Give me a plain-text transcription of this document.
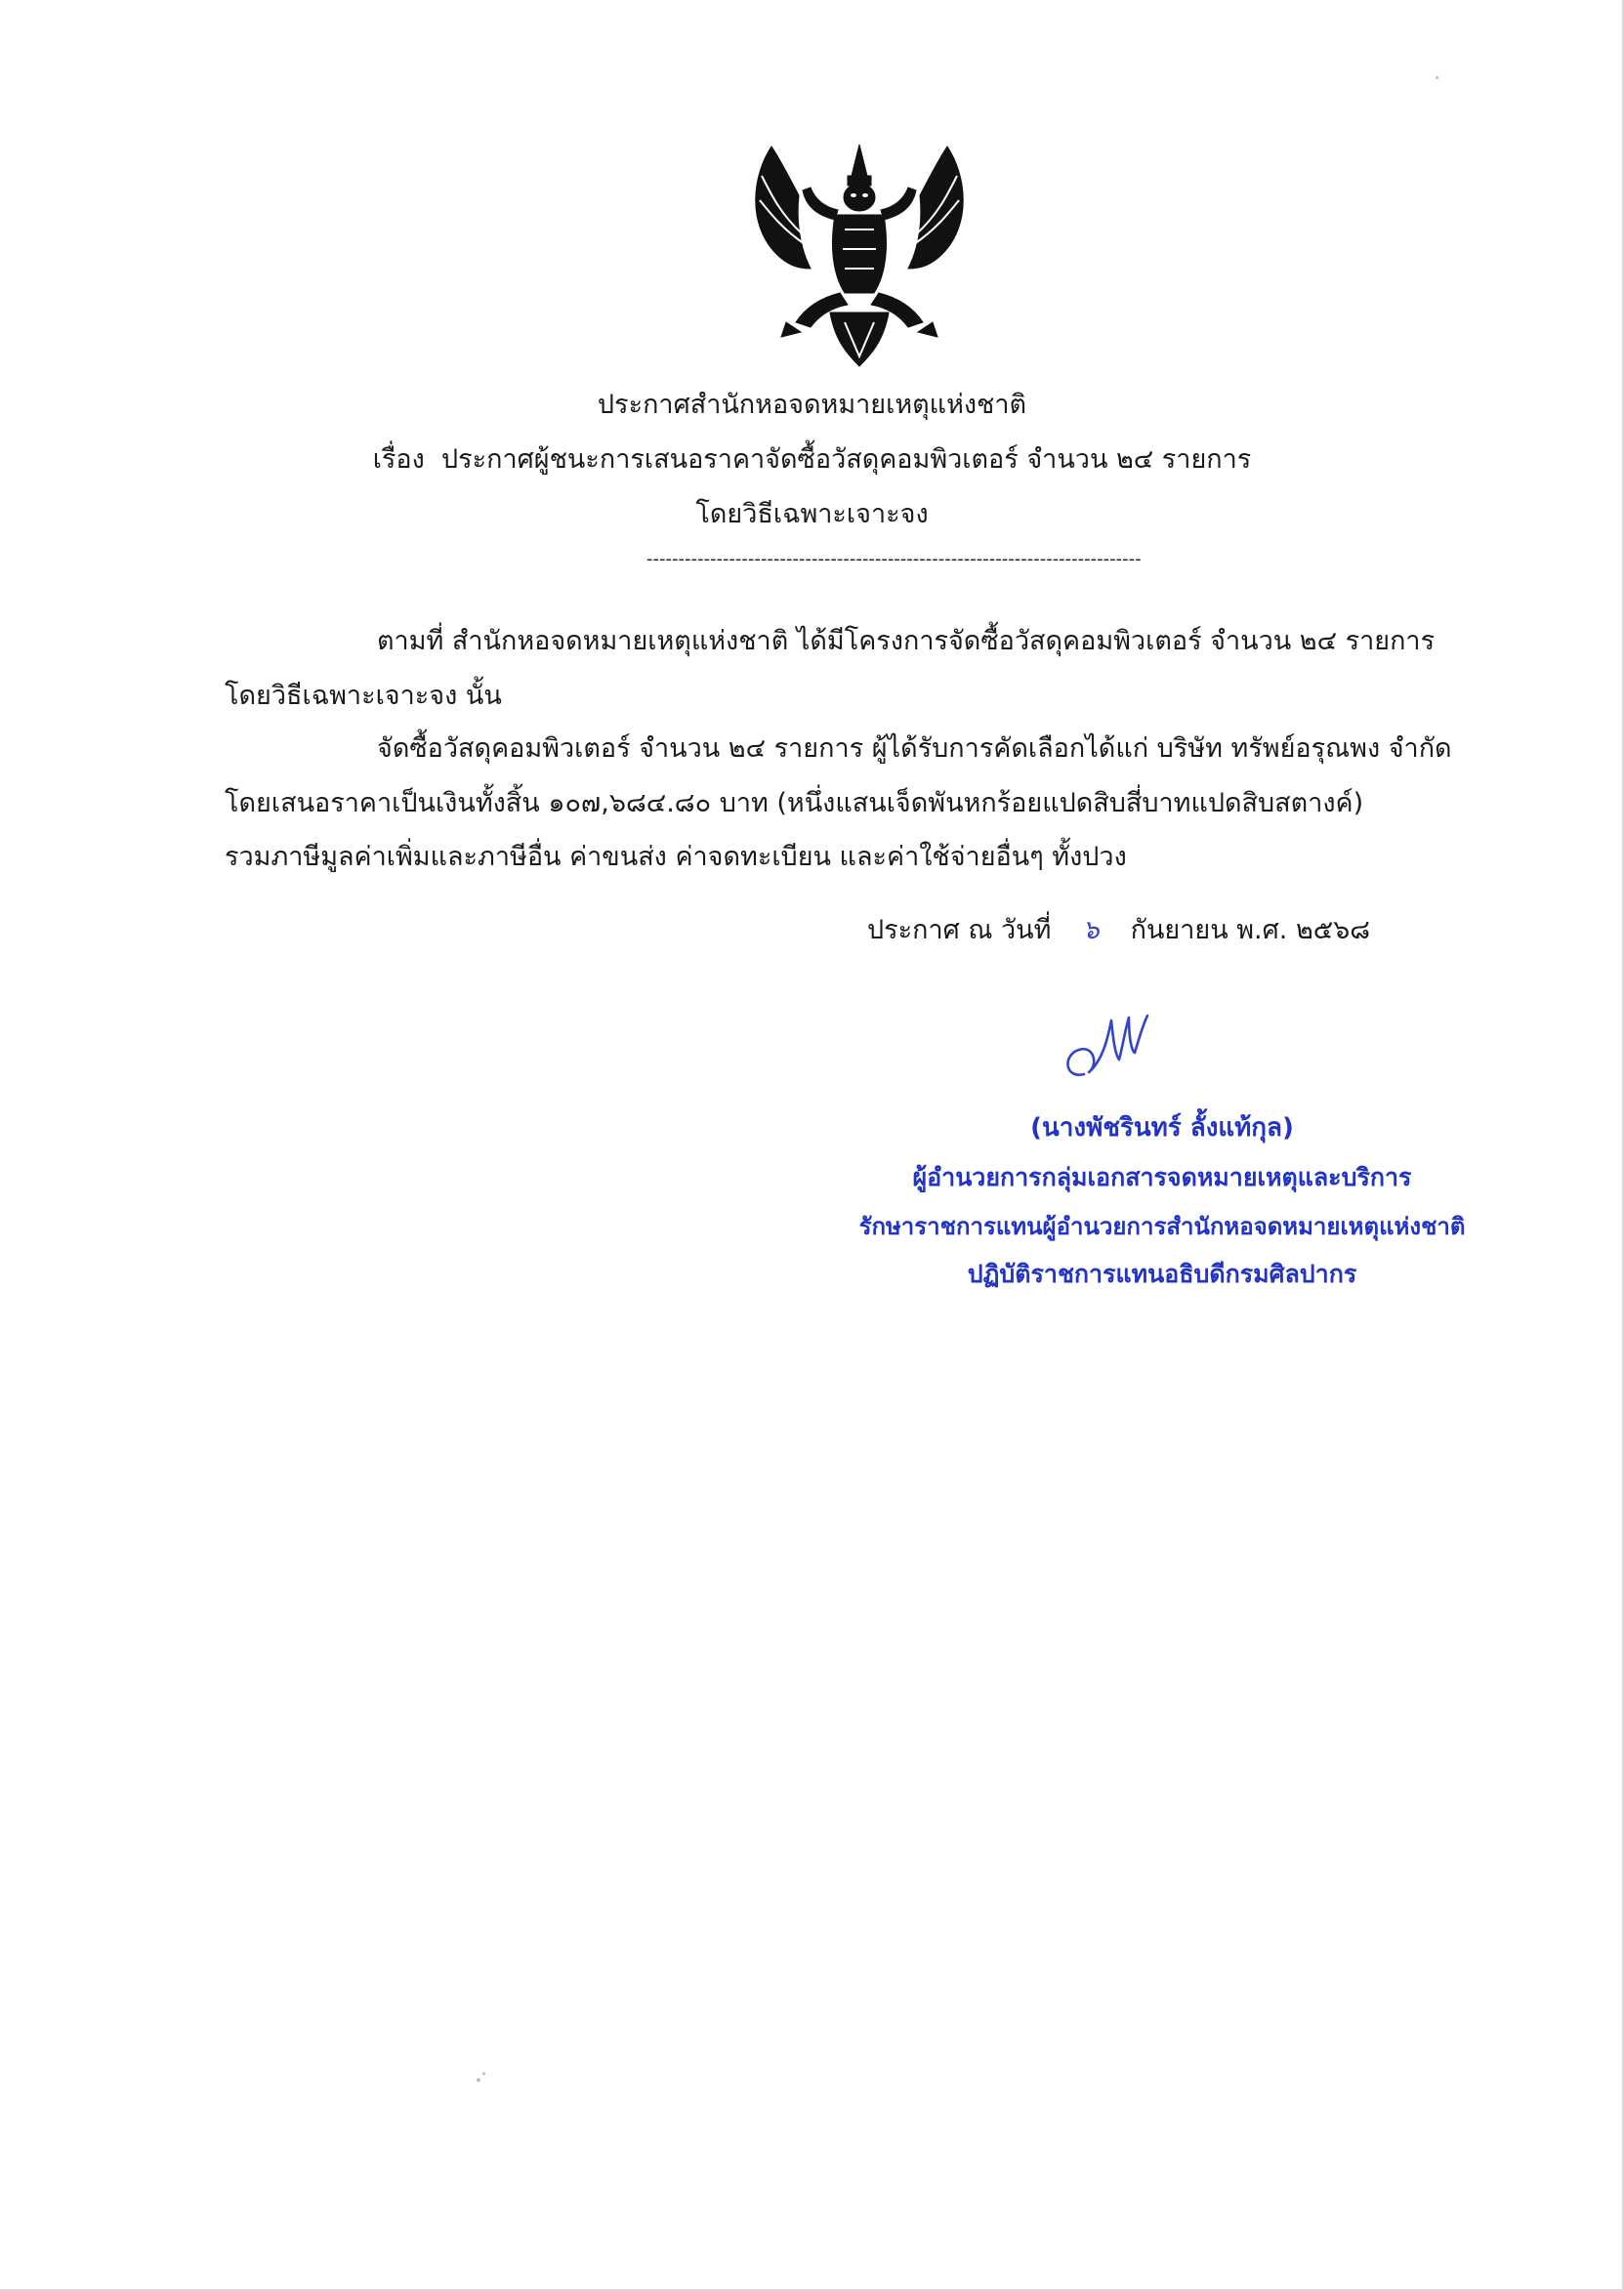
ประกาศสำนักหอจดหมายเหตุแห่งชาติ
เรื่อง ประกาศผู้ชนะการเสนอราคาจัดซื้อวัสดุคอมพิวเตอร์ จำนวน ๒๔ รายการ
โดยวิธีเฉพาะเจาะจง
------------------------------------------------------------------------------
ตามที่ สำนักหอจดหมายเหตุแห่งชาติ ได้มีโครงการจัดซื้อวัสดุคอมพิวเตอร์ จำนวน ๒๔ รายการ
โดยวิธีเฉพาะเจาะจง นั้น
จัดซื้อวัสดุคอมพิวเตอร์ จำนวน ๒๔ รายการ ผู้ได้รับการคัดเลือกได้แก่ บริษัท ทรัพย์อรุณพง จำกัด
โดยเสนอราคาเป็นเงินทั้งสิ้น ๑๐๗,๖๘๔.๘๐ บาท (หนึ่งแสนเจ็ดพันหกร้อยแปดสิบสี่บาทแปดสิบสตางค์)
รวมภาษีมูลค่าเพิ่มและภาษีอื่น ค่าขนส่ง ค่าจดทะเบียน และค่าใช้จ่ายอื่นๆ ทั้งปวง
ประกาศ ณ วันที่ ๖ กันยายน พ.ศ. ๒๕๖๘
(นางพัชรินทร์ ลั้งแท้กุล)
ผู้อำนวยการกลุ่มเอกสารจดหมายเหตุและบริการ
รักษาราชการแทนผู้อำนวยการสำนักหอจดหมายเหตุแห่งชาติ
ปฏิบัติราชการแทนอธิบดีกรมศิลปากร
